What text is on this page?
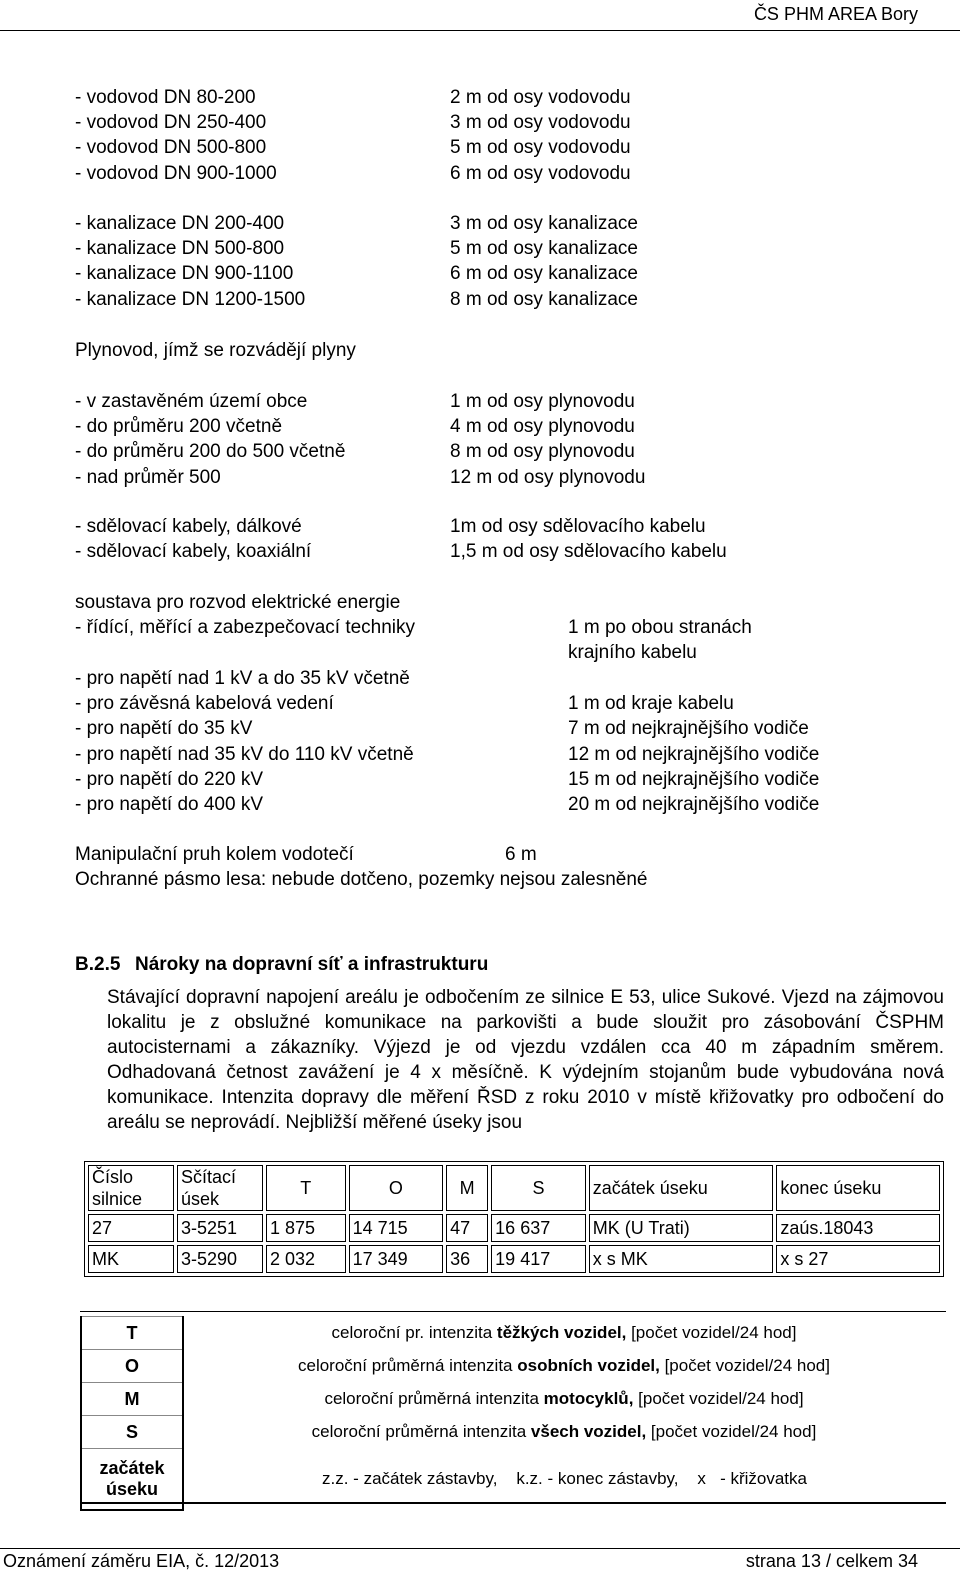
ČS PHM AREA Bory
- vodovod DN 80-200	2 m od osy vodovodu
- vodovod DN 250-400	3 m od osy vodovodu
- vodovod DN 500-800	5 m od osy vodovodu
- vodovod DN 900-1000	6 m od osy vodovodu
- kanalizace DN 200-400	3 m od osy kanalizace
- kanalizace DN 500-800	5 m od osy kanalizace
- kanalizace DN 900-1100	6 m od osy kanalizace
- kanalizace DN 1200-1500	8 m od osy kanalizace
Plynovod, jímž se rozvádějí plyny
- v zastavěném území obce	1 m od osy plynovodu
- do průměru 200 včetně	4 m od osy plynovodu
- do průměru 200 do 500 včetně	8 m od osy plynovodu
- nad průměr 500	12 m od osy plynovodu
- sdělovací kabely, dálkové	1m od osy sdělovacího kabelu
- sdělovací kabely, koaxiální	1,5 m od osy sdělovacího kabelu
soustava pro rozvod elektrické energie
- řídící, měřící a zabezpečovací techniky	1 m po obou stranách
krajního kabelu
- pro napětí nad 1 kV a do 35 kV včetně
- pro závěsná kabelová vedení	1 m od kraje kabelu
- pro napětí do 35 kV	7 m od nejkrajnějšího vodiče
- pro napětí nad 35 kV do 110 kV včetně	12 m od nejkrajnějšího vodiče
- pro napětí do 220 kV	15 m od nejkrajnějšího vodiče
- pro napětí do 400 kV	20 m od nejkrajnějšího vodiče
Manipulační pruh kolem vodotečí	6 m
Ochranné pásmo lesa: nebude dotčeno, pozemky nejsou zalesněné
B.2.5 Nároky na dopravní síť a infrastrukturu
Stávající dopravní napojení areálu je odbočením ze silnice E 53, ulice Sukové. Vjezd na zájmovou lokalitu je z obslužné komunikace na parkovišti a bude sloužit pro zásobování ČSPHM autocisternami a zákazníky. Výjezd je od vjezdu vzdálen cca 40 m západním směrem. Odhadovaná četnost zavážení je 4 x měsíčně. K výdejním stojanům bude vybudována nová komunikace. Intenzita dopravy dle měření ŘSD z roku 2010 v místě křižovatky pro odbočení do areálu se neprovádí. Nejbližší měřené úseky jsou
Číslo silnice	Sčítací úsek	T	O	M	S	začátek úseku	konec úseku
27	3-5251	1 875	14 715	47	16 637	MK (U Trati)	zaús.18043
MK	3-5290	2 032	17 349	36	19 417	x s MK	x s 27
T	celoroční pr. intenzita těžkých vozidel, [počet vozidel/24 hod]
O	celoroční průměrná intenzita osobních vozidel, [počet vozidel/24 hod]
M	celoroční průměrná intenzita motocyklů, [počet vozidel/24 hod]
S	celoroční průměrná intenzita všech vozidel, [počet vozidel/24 hod]
začátek úseku	z.z. - začátek zástavby,    k.z. - konec zástavby,    x   - křižovatka
Oznámení záměru EIA, č. 12/2013	strana 13 / celkem 34
